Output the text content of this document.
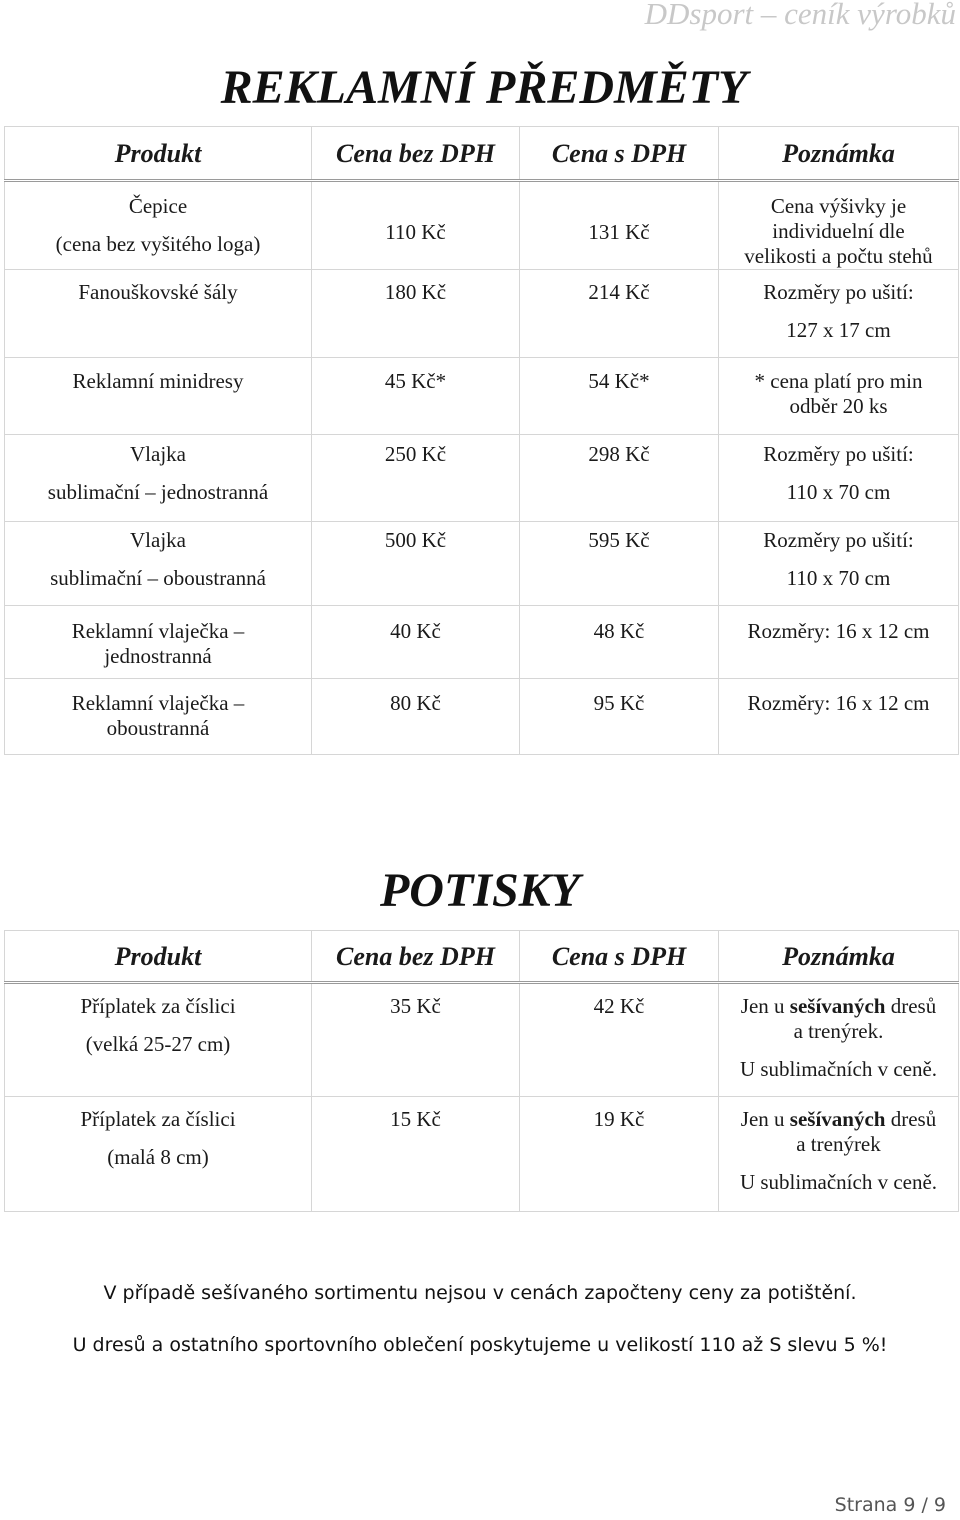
DDsport – ceník výrobků
REKLAMNÍ PŘEDMĚTY
Produkt	Cena bez DPH	Cena s DPH	Poznámka

Čepice
(cena bez vyšitého loga)	110 Kč	131 Kč	Cena výšivky je
individuelní dle
velikosti a počtu stehů

Fanouškovské šály	180 Kč	214 Kč	Rozměry po ušití:
127 x 17 cm

Reklamní minidresy	45 Kč*	54 Kč*	* cena platí pro min
odběr 20 ks

Vlajka
sublimační – jednostranná	250 Kč	298 Kč	Rozměry po ušití:
110 x 70 cm

Vlajka
sublimační – oboustranná	500 Kč	595 Kč	Rozměry po ušití:
110 x 70 cm

Reklamní vlaječka –
jednostranná	40 Kč	48 Kč	Rozměry: 16 x 12 cm

Reklamní vlaječka –
oboustranná	80 Kč	95 Kč	Rozměry: 16 x 12 cm
POTISKY
Produkt	Cena bez DPH	Cena s DPH	Poznámka

Příplatek za číslici
(velká 25-27 cm)	35 Kč	42 Kč	Jen u sešívaných dresů
a trenýrek.
U sublimačních v ceně.

Příplatek za číslici
(malá 8 cm)	15 Kč	19 Kč	Jen u sešívaných dresů
a trenýrek
U sublimačních v ceně.
V případě sešívaného sortimentu nejsou v cenách započteny ceny za potištění.
U dresů a ostatního sportovního oblečení poskytujeme u velikostí 110 až S slevu 5 %!
Strana 9 / 9
